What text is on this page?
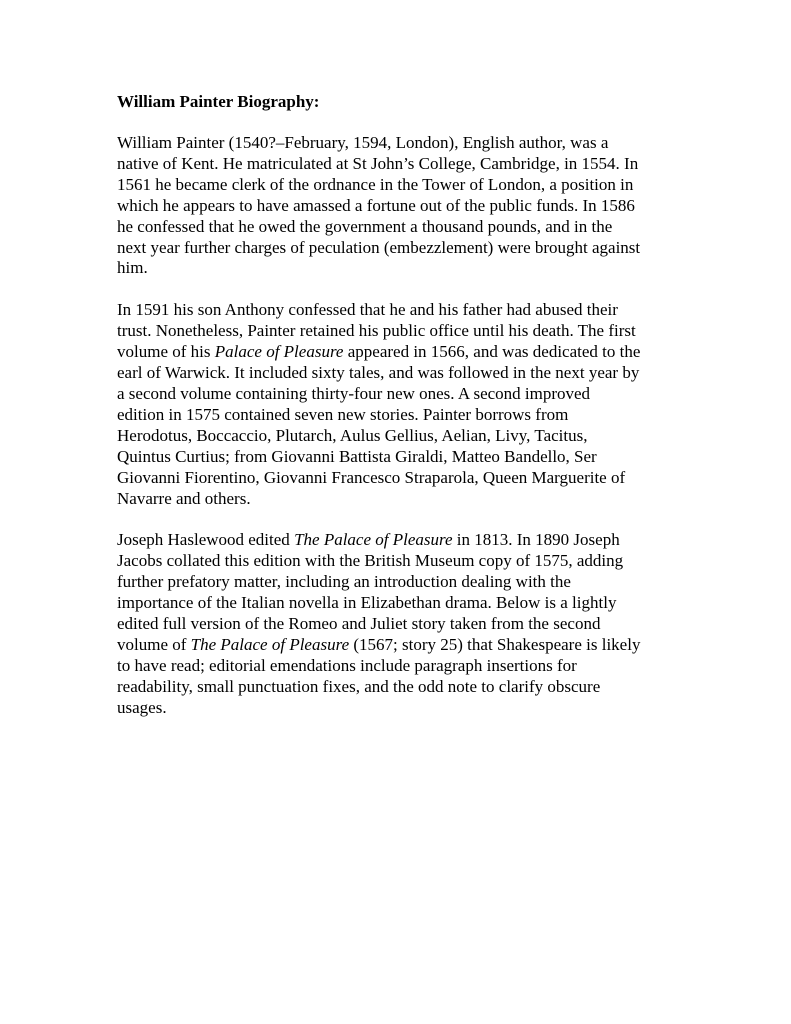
William Painter Biography:
William Painter (1540?–February, 1594, London), English author, was a
native of Kent. He matriculated at St John’s College, Cambridge, in 1554. In
1561 he became clerk of the ordnance in the Tower of London, a position in
which he appears to have amassed a fortune out of the public funds. In 1586
he confessed that he owed the government a thousand pounds, and in the
next year further charges of peculation (embezzlement) were brought against
him.
In 1591 his son Anthony confessed that he and his father had abused their
trust. Nonetheless, Painter retained his public office until his death. The first
volume of his Palace of Pleasure appeared in 1566, and was dedicated to the
earl of Warwick. It included sixty tales, and was followed in the next year by
a second volume containing thirty-four new ones. A second improved
edition in 1575 contained seven new stories. Painter borrows from
Herodotus, Boccaccio, Plutarch, Aulus Gellius, Aelian, Livy, Tacitus,
Quintus Curtius; from Giovanni Battista Giraldi, Matteo Bandello, Ser
Giovanni Fiorentino, Giovanni Francesco Straparola, Queen Marguerite of
Navarre and others.
Joseph Haslewood edited The Palace of Pleasure in 1813. In 1890 Joseph
Jacobs collated this edition with the British Museum copy of 1575, adding
further prefatory matter, including an introduction dealing with the
importance of the Italian novella in Elizabethan drama. Below is a lightly
edited full version of the Romeo and Juliet story taken from the second
volume of The Palace of Pleasure (1567; story 25) that Shakespeare is likely
to have read; editorial emendations include paragraph insertions for
readability, small punctuation fixes, and the odd note to clarify obscure
usages.
